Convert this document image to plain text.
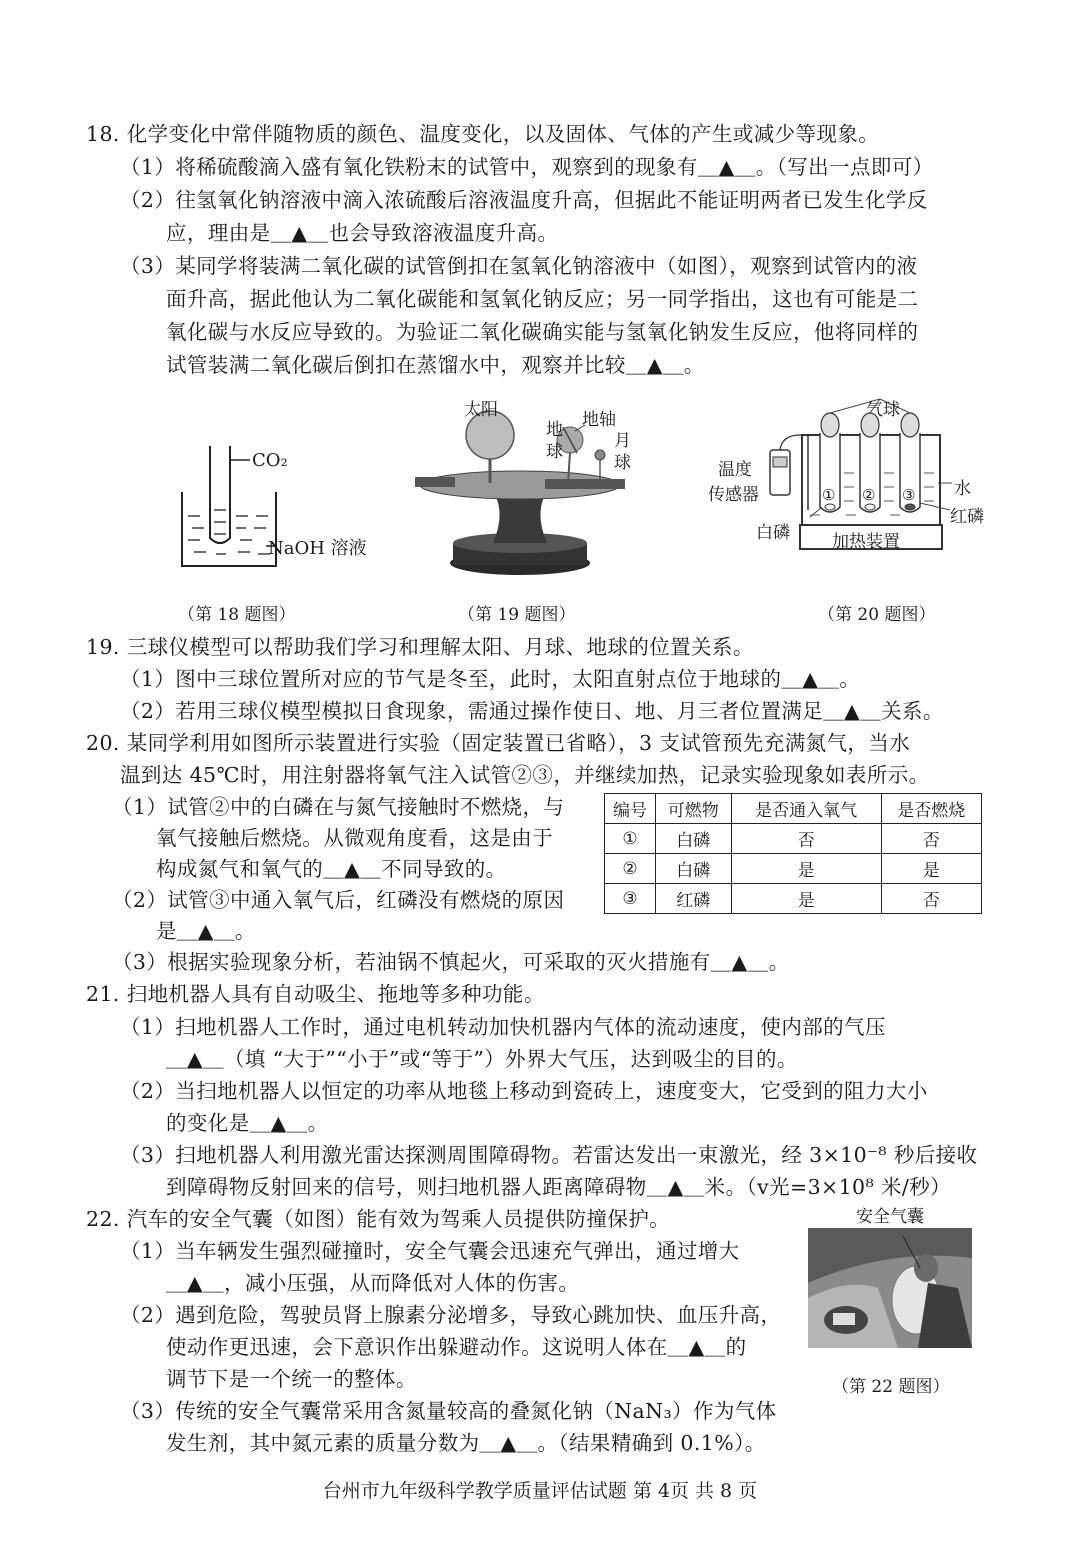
18. 化学变化中常伴随物质的颜色、温度变化，以及固体、气体的产生或减少等现象。
（1）将稀硫酸滴入盛有氧化铁粉末的试管中，观察到的现象有＿▲＿。（写出一点即可）
（2）往氢氧化钠溶液中滴入浓硫酸后溶液温度升高，但据此不能证明两者已发生化学反
应，理由是＿▲＿也会导致溶液温度升高。
（3）某同学将装满二氧化碳的试管倒扣在氢氧化钠溶液中（如图），观察到试管内的液
面升高，据此他认为二氧化碳能和氢氧化钠反应；另一同学指出，这也有可能是二
氧化碳与水反应导致的。为验证二氧化碳确实能与氢氧化钠发生反应，他将同样的
试管装满二氧化碳后倒扣在蒸馏水中，观察并比较＿▲＿。
CO₂
NaOH 溶液
（第 18 题图）
太阳	地轴
地
球
月
球
（第 19 题图）
① ② ③
气球
温度
传感器	水
红磷
白磷 加热装置
（第 20 题图）
19. 三球仪模型可以帮助我们学习和理解太阳、月球、地球的位置关系。
（1）图中三球位置所对应的节气是冬至，此时，太阳直射点位于地球的＿▲＿。
（2）若用三球仪模型模拟日食现象，需通过操作使日、地、月三者位置满足＿▲＿关系。
20. 某同学利用如图所示装置进行实验（固定装置已省略），3 支试管预先充满氮气，当水
温到达 45℃时，用注射器将氧气注入试管②③，并继续加热，记录实验现象如表所示。
（1）试管②中的白磷在与氮气接触时不燃烧，与
氧气接触后燃烧。从微观角度看，这是由于
构成氮气和氧气的＿▲＿不同导致的。
（2）试管③中通入氧气后，红磷没有燃烧的原因
是＿▲＿。
（3）根据实验现象分析，若油锅不慎起火，可采取的灭火措施有＿▲＿。
编号	可燃物	是否通入氧气	是否燃烧
①	白磷	否	否
②	白磷	是	是
③	红磷	是	否
21. 扫地机器人具有自动吸尘、拖地等多种功能。
（1）扫地机器人工作时，通过电机转动加快机器内气体的流动速度，使内部的气压
＿▲＿（填 “大于”“小于”或“等于”）外界大气压，达到吸尘的目的。
（2）当扫地机器人以恒定的功率从地毯上移动到瓷砖上，速度变大，它受到的阻力大小
的变化是＿▲＿。
（3）扫地机器人利用激光雷达探测周围障碍物。若雷达发出一束激光，经 3×10⁻⁸ 秒后接收
到障碍物反射回来的信号，则扫地机器人距离障碍物＿▲＿米。（v光=3×10⁸ 米/秒）
22. 汽车的安全气囊（如图）能有效为驾乘人员提供防撞保护。
（1）当车辆发生强烈碰撞时，安全气囊会迅速充气弹出，通过增大
＿▲＿，减小压强，从而降低对人体的伤害。
（2）遇到危险，驾驶员肾上腺素分泌增多，导致心跳加快、血压升高，
使动作更迅速，会下意识作出躲避动作。这说明人体在＿▲＿的
调节下是一个统一的整体。
（3）传统的安全气囊常采用含氮量较高的叠氮化钠（NaN₃）作为气体
发生剂，其中氮元素的质量分数为＿▲＿。（结果精确到 0.1%）。
安全气囊
（第 22 题图）
台州市九年级科学教学质量评估试题 第 4页 共 8 页
